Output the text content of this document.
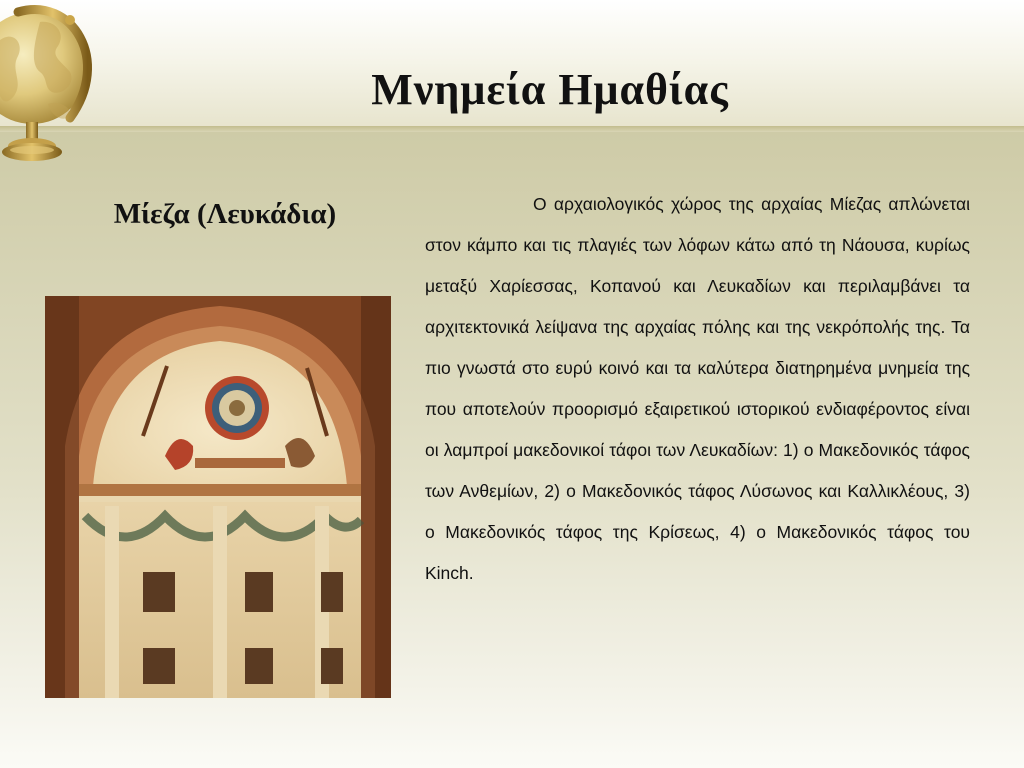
Μνημεία Ημαθίας
Μίεζα (Λευκάδια)	Ο αρχαιολογικός χώρος της αρχαίας Μίεζας απλώνεται στον κάμπο και τις πλαγιές των λόφων κάτω από τη Νάουσα, κυρίως μεταξύ Χαρίεσσας, Κοπανού και Λευκαδίων και περιλαμβάνει τα αρχιτεκτονικά λείψανα της αρχαίας πόλης και της νεκρόπολής της. Τα πιο γνωστά στο ευρύ κοινό και τα καλύτερα διατηρημένα μνημεία της που αποτελούν προορισμό εξαιρετικού ιστορικού ενδιαφέροντος είναι οι λαμπροί μακεδονικοί τάφοι των Λευκαδίων: 1) ο Μακεδονικός τάφος των Ανθεμίων, 2) ο Μακεδονικός τάφος Λύσωνος και Καλλικλέους, 3) ο Μακεδονικός τάφος της Κρίσεως, 4) ο Μακεδονικός τάφος του Kinch.
